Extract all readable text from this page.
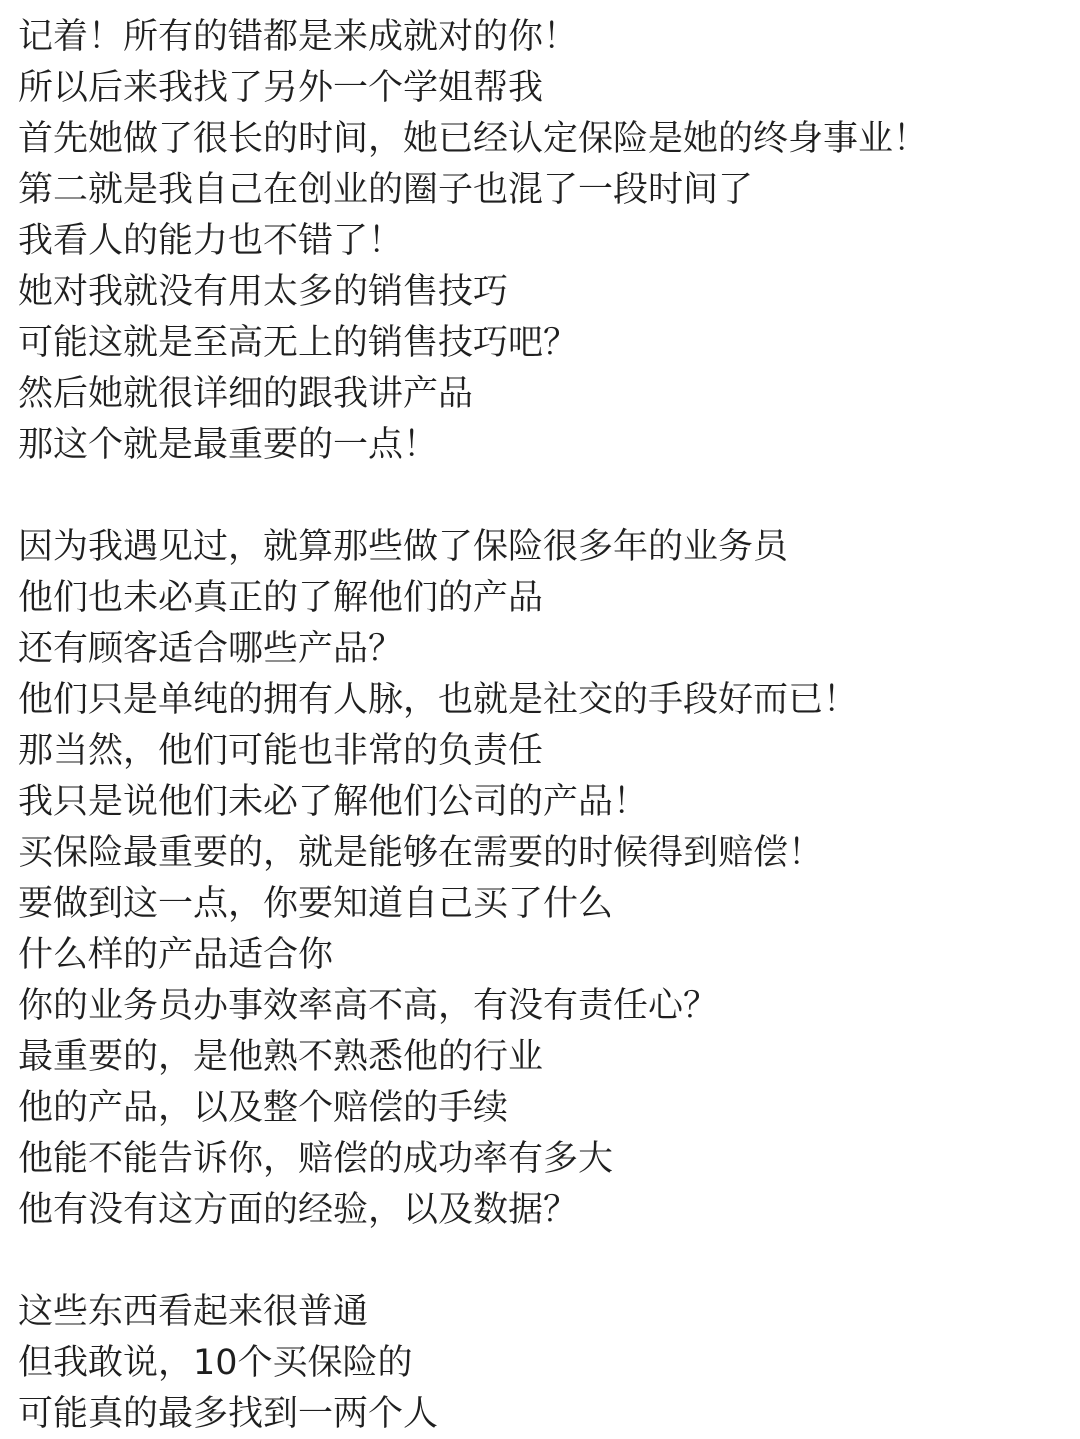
记着！所有的错都是来成就对的你！
所以后来我找了另外一个学姐帮我
首先她做了很长的时间，她已经认定保险是她的终身事业！
第二就是我自己在创业的圈子也混了一段时间了
我看人的能力也不错了！
她对我就没有用太多的销售技巧
可能这就是至高无上的销售技巧吧？
然后她就很详细的跟我讲产品
那这个就是最重要的一点！
因为我遇见过，就算那些做了保险很多年的业务员
他们也未必真正的了解他们的产品
还有顾客适合哪些产品？
他们只是单纯的拥有人脉，也就是社交的手段好而已！
那当然，他们可能也非常的负责任
我只是说他们未必了解他们公司的产品！
买保险最重要的，就是能够在需要的时候得到赔偿！
要做到这一点，你要知道自己买了什么
什么样的产品适合你
你的业务员办事效率高不高，有没有责任心？
最重要的，是他熟不熟悉他的行业
他的产品，以及整个赔偿的手续
他能不能告诉你，赔偿的成功率有多大
他有没有这方面的经验，以及数据？
这些东西看起来很普通
但我敢说，10个买保险的
可能真的最多找到一两个人
